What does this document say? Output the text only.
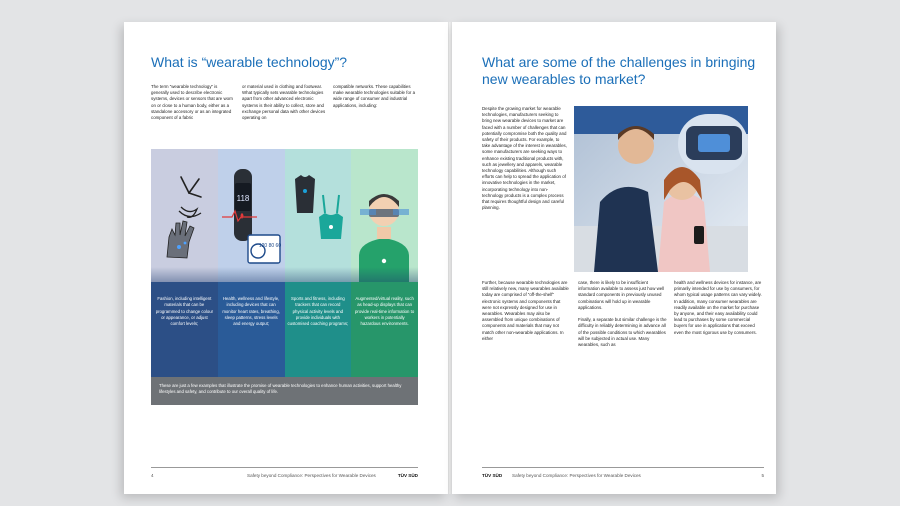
What is “wearable technology”?
The term “wearable technology” is generally used to describe electronic systems, devices or sensors that are worn on or close to a human body, either as a standalone accessory or as an integrated component of a fabric
or material used in clothing and footwear. What typically sets wearable technologies apart from other advanced electronic systems is their ability to collect, store and exchange personal data with other devices operating on
compatible networks. These capabilities make wearable technologies suitable for a wide range of consumer and industrial applications, including:
Fashion, including intelligent materials that can be programmed to change colour or appearance, or adjust comfort levels;
118
120 80 60
Health, wellness and lifestyle, including devices that can monitor heart rates, breathing, sleep patterns, stress levels and energy output;
Sports and fitness, including trackers that can record physical activity levels and provide individuals with customised coaching programs;
Augmented/virtual reality, such as head-up displays that can provide real-time information to workers in potentially hazardous environments.
These are just a few examples that illustrate the promise of wearable technologies to enhance human activities, support healthy lifestyles and safety, and contribute to our overall quality of life.
4	Safety beyond Compliance: Perspectives for Wearable Devices	TÜV SÜD
What are some of the challenges in bringing new wearables to market?
Despite the growing market for wearable technologies, manufacturers seeking to bring new wearable devices to market are faced with a number of challenges that can potentially compromise both the quality and safety of their products. For example, to take advantage of the interest in wearables, some manufacturers are seeking ways to enhance existing traditional products with, such as jewellery and apparels, wearable technology capabilities. Although such efforts can help to spread the application of innovative technologies in the market, incorporating technology into non-technology products is a complex process that requires thoughtful design and careful planning.
Further, because wearable technologies are still relatively new, many wearables available today are comprised of “off-the-shelf” electronic systems and components that were not expressly designed for use in wearables. Wearables may also be assembled from unique combinations of components and materials that may not match other non-wearable applications. In either
case, there is likely to be insufficient information available to assess just how well standard components in previously unused combinations will hold up in wearable applications.

Finally, a separate but similar challenge is the difficulty in reliably determining in advance all of the possible conditions to which wearables will be subjected in actual use. Many wearables, such as
health and wellness devices for instance, are primarily intended for use by consumers, for whom typical usage patterns can vary widely. In addition, many consumer wearables are readily available on the market for purchase by anyone, and their easy availability could lead to purchases by some commercial buyers for use in applications that exceed even the most rigorous use by consumers.
TÜV SÜD Safety beyond Compliance: Perspectives for Wearable Devices	5
